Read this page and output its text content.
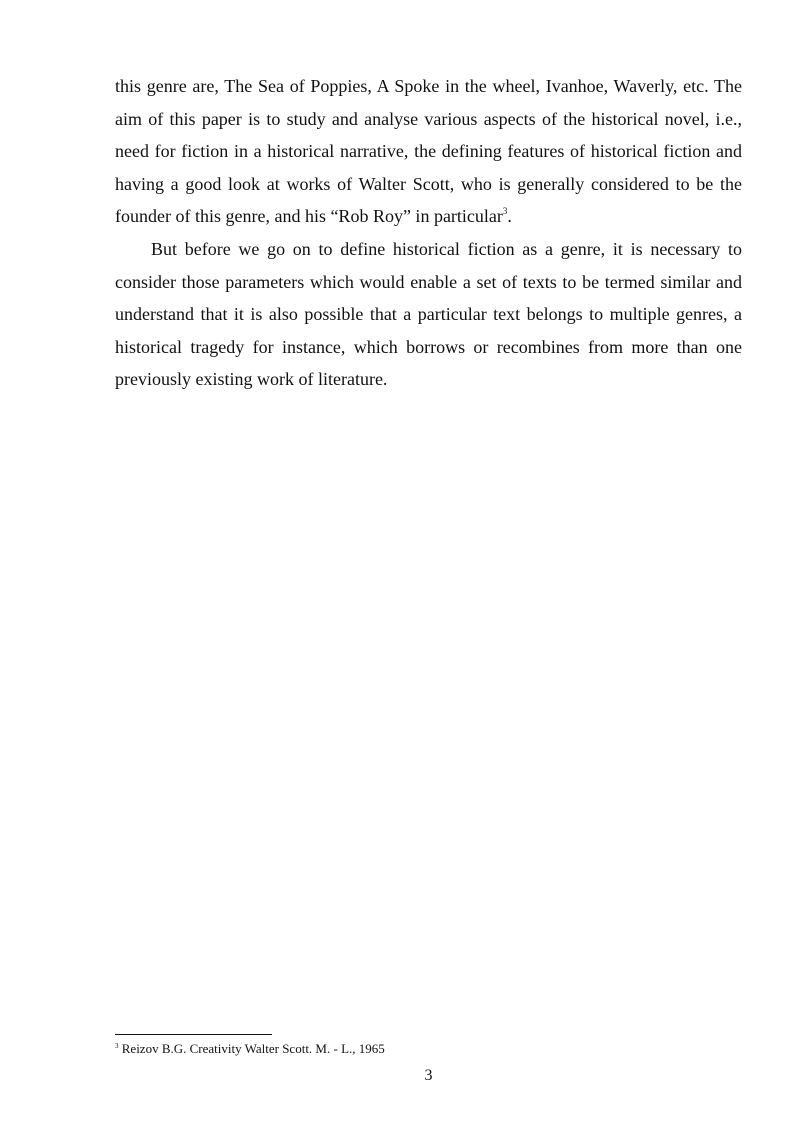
this genre are, The Sea of Poppies, A Spoke in the wheel, Ivanhoe, Waverly, etc. The aim of this paper is to study and analyse various aspects of the historical novel, i.e., need for fiction in a historical narrative, the defining features of historical fiction and having a good look at works of Walter Scott, who is generally considered to be the founder of this genre, and his “Rob Roy” in particular$^3$.

But before we go on to define historical fiction as a genre, it is necessary to consider those parameters which would enable a set of texts to be termed similar and understand that it is also possible that a particular text belongs to multiple genres, a historical tragedy for instance, which borrows or recombines from more than one previously existing work of literature.

$^3$ Reizov B.G. Creativity Walter Scott. M. - L., 1965

3
